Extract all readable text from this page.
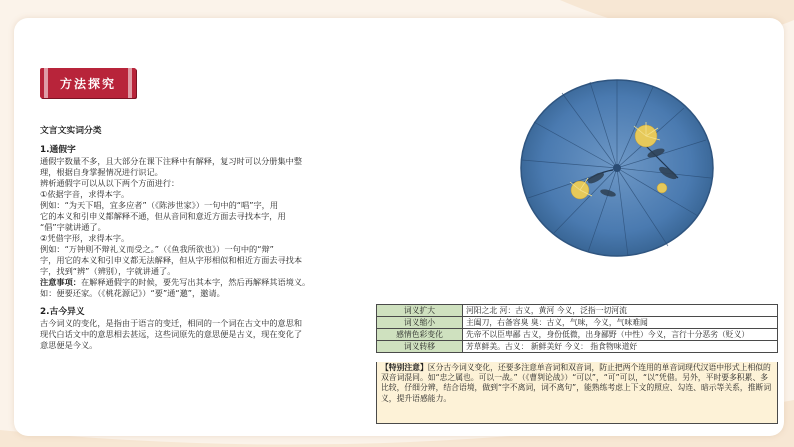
方法探究
文言文实词分类
1.通假字
通假字数量不多，且大部分在课下注释中有解释，复习时可以分册集中整
理，根据自身掌握情况进行识记。
辨析通假字可以从以下两个方面进行：
①依据字音，求得本字。
例如：“为天下唱，宜多应者”（《陈涉世家》）一句中的“唱”字，用
它的本义和引申义都解释不通，但从音同和意近方面去寻找本字，用
“倡”字就讲通了。
②凭借字形，求得本字。
例如：“万钟则不辩礼义而受之。”（《鱼我所欲也》）一句中的“辩”
字，用它的本义和引申义都无法解释，但从字形相似和相近方面去寻找本
字，找到“辨”（辨别），字就讲通了。
注意事项：在解释通假字的时候，要先写出其本字，然后再解释其语境义。
如：便要还家。（《桃花源记》）“要”通“邀”，邀请。
2.古今异义
古今词义的变化，是指由于语言的变迁，相同的一个词在古文中的意思和
现代白话文中的意思相去甚远，这些词原先的意思便是古义，现在变化了
意思便是今义。
词义扩大	河阳之北 河：古义，黄河 今义，泛指一切河流
词义缩小	主阖刀，右备容臭 臭：古义，气味，今义，气味难闻
感情色彩变化	先帝不以臣卑鄙 古义，身份低微，出身鄙野（中性）今义，言行十分恶劣（贬义）
词义转移	芳草鲜美。古义： 新鲜美好 今义： 指食物味道好
【特别注意】区分古今词义变化，还要多注意单音词和双音词，防止把两个连用的单音词现代汉语中形式上相似的双音词混同。如“忠之属也。可以一战。”（《曹刿论战》）“可以”，“可”可以，“以”凭借。另外，平时要多积累、多比较，仔细分辨，结合语境，做到“字不离词，词不离句”，能熟练考虑上下文的照应、勾连、暗示等关系，推断词义，提升语感能力。
